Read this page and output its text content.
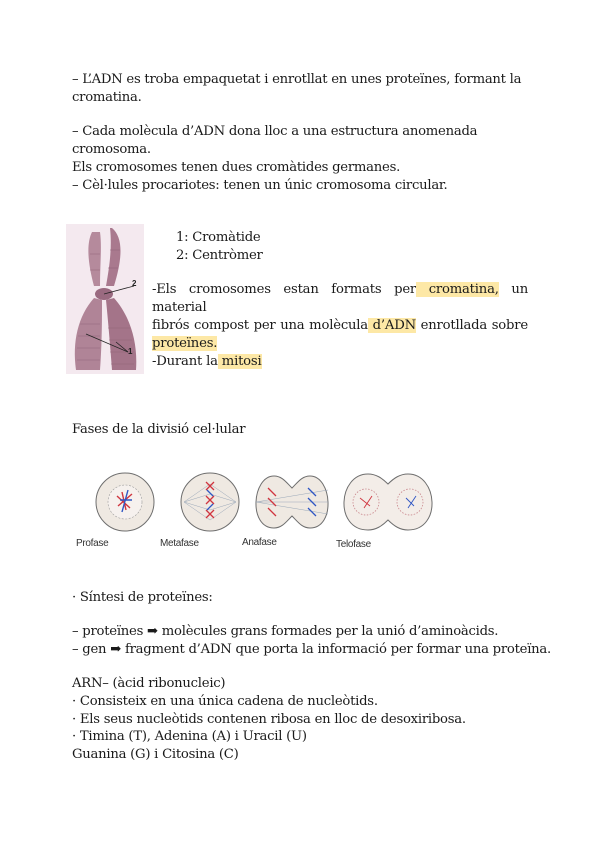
– L’ADN es troba empaquetat i enrotllat en unes proteïnes, formant la
cromatina.
– Cada molècula d’ADN dona lloc a una estructura anomenada
cromosoma.
Els cromosomes tenen dues cromàtides germanes.
– Cèl·lules procariotes: tenen un únic cromosoma circular.
2
1
1: Cromàtide
2: Centròmer
-Els cromosomes estan formats per cromatina, un material
fibrós compost per una molècula d’ADN enrotllada sobre
proteïnes.
-Durant la mitosi
Fases de la divisió cel·lular
Profase	Metafase	Anafase	Telofase
· Síntesi de proteïnes:
– proteïnes ➡ molècules grans formades per la unió d’aminoàcids.
– gen ➡ fragment d’ADN que porta la informació per formar una proteïna.
ARN– (àcid ribonucleic)
· Consisteix en una única cadena de nucleòtids.
· Els seus nucleòtids contenen ribosa en lloc de desoxiribosa.
· Timina (T), Adenina (A) i Uracil (U)
Guanina (G) i Citosina (C)
